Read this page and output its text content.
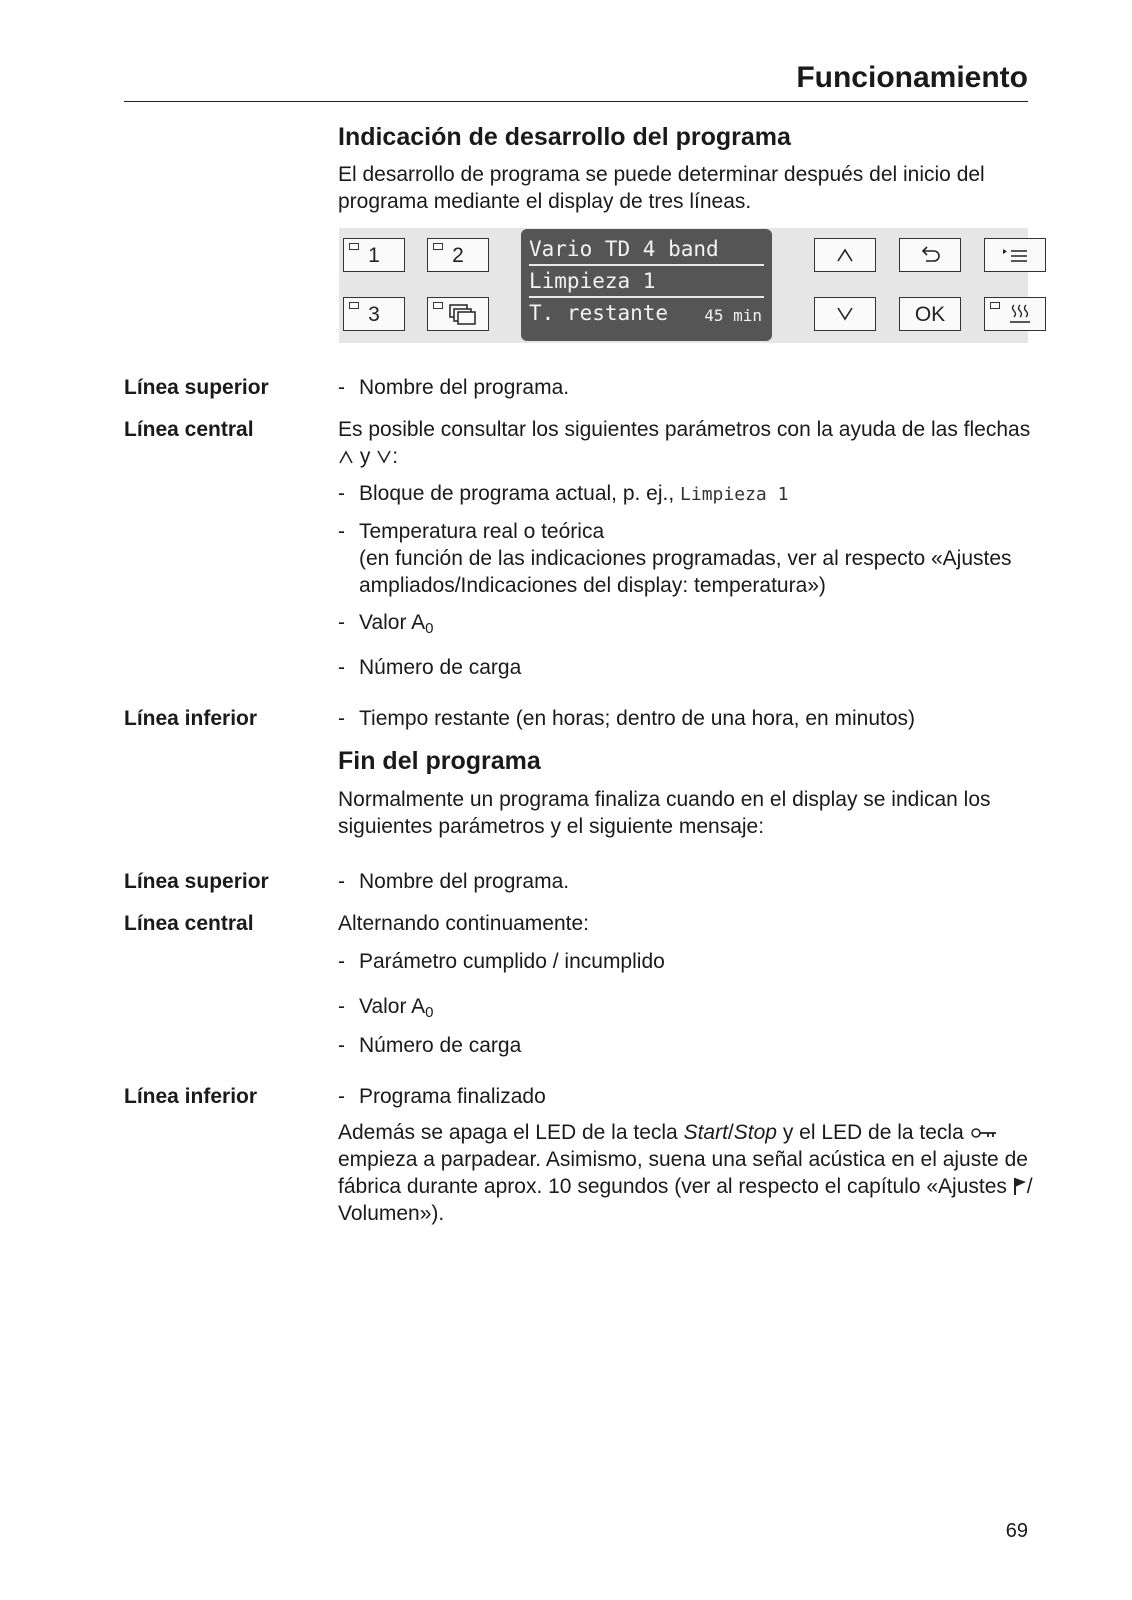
Funcionamiento
Indicación de desarrollo del programa
El desarrollo de programa se puede determinar después del inicio del programa mediante el display de tres líneas.
1	2
3
Vario TD 4 band
Limpieza 1
T. restante 45 min	OK
Línea superior	- Nombre del programa.
Línea central	Es posible consultar los siguientes parámetros con la ayuda de las flechas  y :
- Bloque de programa actual, p. ej., Limpieza 1
- Temperatura real o teórica
(en función de las indicaciones programadas, ver al respecto «Ajustes ampliados/Indicaciones del display: temperatura»)
- Valor $A_0$
- Número de carga
Línea inferior	- Tiempo restante (en horas; dentro de una hora, en minutos)
Fin del programa
Normalmente un programa finaliza cuando en el display se indican los siguientes parámetros y el siguiente mensaje:
Línea superior	- Nombre del programa.
Línea central	Alternando continuamente:
- Parámetro cumplido / incumplido
- Valor $A_0$
- Número de carga
Línea inferior	- Programa finalizado
Además se apaga el LED de la tecla Start/Stop y el LED de la tecla  empieza a parpadear. Asimismo, suena una señal acústica en el ajuste de fábrica durante aprox. 10 segundos (ver al respecto el capítulo «Ajustes / Volumen»).
69
